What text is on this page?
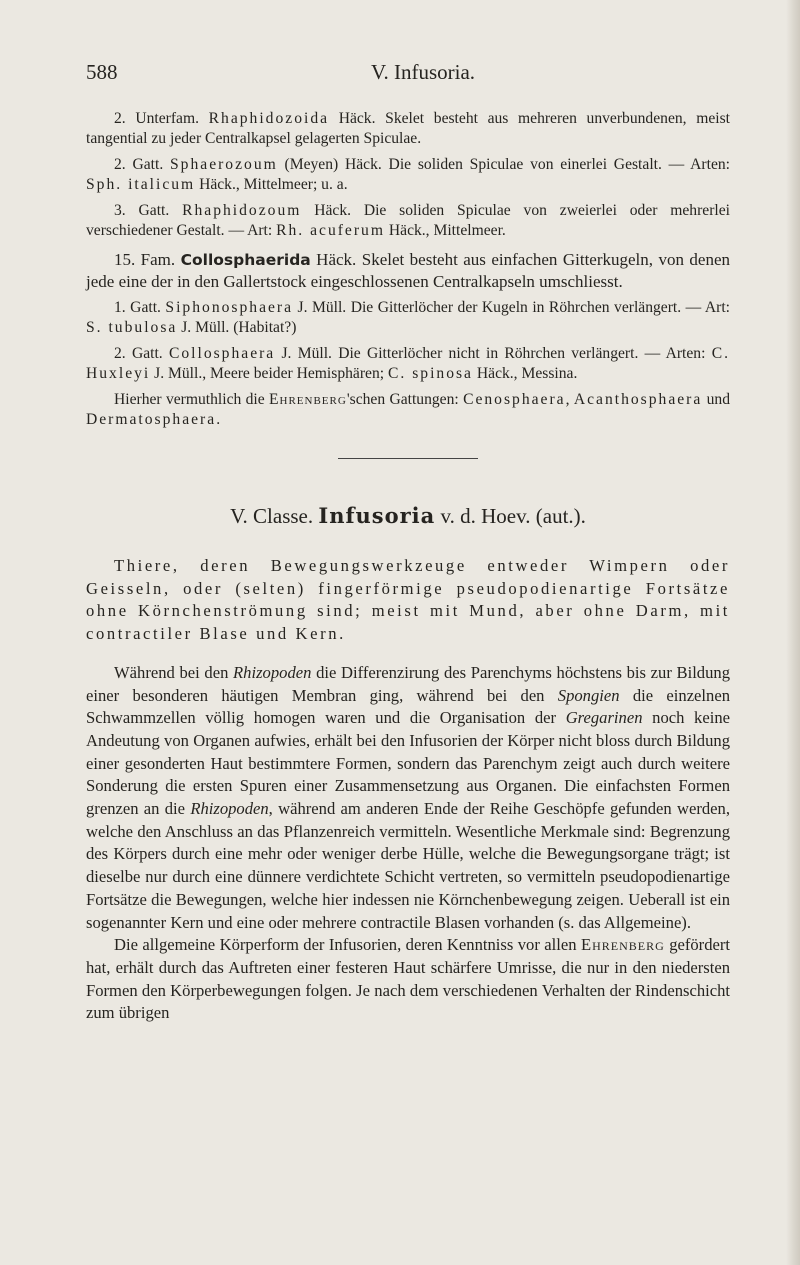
588	V. Infusoria.

2. Unterfam. Rhaphidozoida Häck. Skelet besteht aus mehreren unverbundenen, meist tangential zu jeder Centralkapsel gelagerten Spiculae.

2. Gatt. Sphaerozoum (Meyen) Häck. Die soliden Spiculae von einerlei Gestalt. — Arten: Sph. italicum Häck., Mittelmeer; u. a.

3. Gatt. Rhaphidozoum Häck. Die soliden Spiculae von zweierlei oder mehrerlei verschiedener Gestalt. — Art: Rh. acuferum Häck., Mittelmeer.

15. Fam. Collosphaerida Häck. Skelet besteht aus einfachen Gitterkugeln, von denen jede eine der in den Gallertstock eingeschlossenen Centralkapseln umschliesst.

1. Gatt. Siphonosphaera J. Müll. Die Gitterlöcher der Kugeln in Röhrchen verlängert. — Art: S. tubulosa J. Müll. (Habitat?)

2. Gatt. Collosphaera J. Müll. Die Gitterlöcher nicht in Röhrchen verlängert. — Arten: C. Huxleyi J. Müll., Meere beider Hemisphären; C. spinosa Häck., Messina.

Hierher vermuthlich die Ehrenberg'schen Gattungen: Cenosphaera, Acanthosphaera und Dermatosphaera.

V. Classe. Infusoria v. d. Hoev. (aut.).

Thiere, deren Bewegungswerkzeuge entweder Wimpern oder Geisseln, oder (selten) fingerförmige pseudopodienartige Fortsätze ohne Körnchenströmung sind; meist mit Mund, aber ohne Darm, mit contractiler Blase und Kern.

Während bei den Rhizopoden die Differenzirung des Parenchyms höchstens bis zur Bildung einer besonderen häutigen Membran ging, während bei den Spongien die einzelnen Schwammzellen völlig homogen waren und die Organisation der Gregarinen noch keine Andeutung von Organen aufwies, erhält bei den Infusorien der Körper nicht bloss durch Bildung einer gesonderten Haut bestimmtere Formen, sondern das Parenchym zeigt auch durch weitere Sonderung die ersten Spuren einer Zusammensetzung aus Organen. Die einfachsten Formen grenzen an die Rhizopoden, während am anderen Ende der Reihe Geschöpfe gefunden werden, welche den Anschluss an das Pflanzenreich vermitteln. Wesentliche Merkmale sind: Begrenzung des Körpers durch eine mehr oder weniger derbe Hülle, welche die Bewegungsorgane trägt; ist dieselbe nur durch eine dünnere verdichtete Schicht vertreten, so vermitteln pseudopodienartige Fortsätze die Bewegungen, welche hier indessen nie Körnchenbewegung zeigen. Ueberall ist ein sogenannter Kern und eine oder mehrere contractile Blasen vorhanden (s. das Allgemeine).

Die allgemeine Körperform der Infusorien, deren Kenntniss vor allen Ehrenberg gefördert hat, erhält durch das Auftreten einer festeren Haut schärfere Umrisse, die nur in den niedersten Formen den Körperbewegungen folgen. Je nach dem verschiedenen Verhalten der Rindenschicht zum übrigen
